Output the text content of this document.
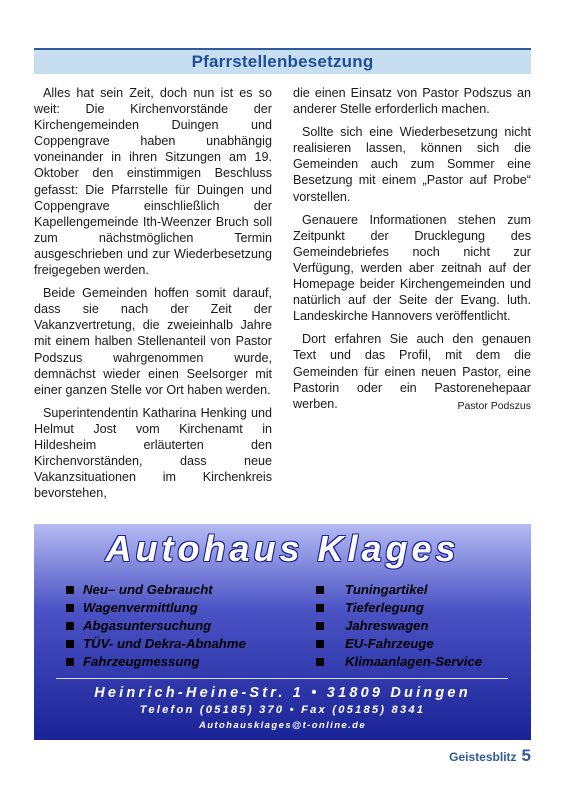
Pfarrstellenbesetzung

Alles hat sein Zeit, doch nun ist es so weit: Die Kirchenvorstände der Kirchengemeinden Duingen und Coppengrave haben unabhängig voneinander in ihren Sitzungen am 19. Oktober den einstimmigen Beschluss gefasst: Die Pfarrstelle für Duingen und Coppengrave einschließlich der Kapellengemeinde Ith-Weenzer Bruch soll zum nächstmöglichen Termin ausgeschrieben und zur Wiederbesetzung freigegeben werden.

Beide Gemeinden hoffen somit darauf, dass sie nach der Zeit der Vakanzvertretung, die zweieinhalb Jahre mit einem halben Stellenanteil von Pastor Podszus wahrgenommen wurde, demnächst wieder einen Seelsorger mit einer ganzen Stelle vor Ort haben werden.

Superintendentin Katharina Henking und Helmut Jost vom Kirchenamt in Hildesheim erläuterten den Kirchenvorständen, dass neue Vakanzsituationen im Kirchenkreis bevorstehen,

die einen Einsatz von Pastor Podszus an anderer Stelle erforderlich machen.

Sollte sich eine Wiederbesetzung nicht realisieren lassen, können sich die Gemeinden auch zum Sommer eine Besetzung mit einem „Pastor auf Probe“ vorstellen.

Genauere Informationen stehen zum Zeitpunkt der Drucklegung des Gemeindebriefes noch nicht zur Verfügung, werden aber zeitnah auf der Homepage beider Kirchengemeinden und natürlich auf der Seite der Evang. luth. Landeskirche Hannovers veröffentlicht.

Dort erfahren Sie auch den genauen Text und das Profil, mit dem die Gemeinden für einen neuen Pastor, eine Pastorin oder ein Pastorenehepaar werben.	Pastor Podszus

Autohaus Klages
Neu– und Gebraucht
Wagenvermittlung
Abgasuntersuchung
TÜV- und Dekra-Abnahme
Fahrzeugmessung
Tuningartikel
Tieferlegung
Jahreswagen
EU-Fahrzeuge
Klimaanlagen-Service
Heinrich-Heine-Str. 1 • 31809 Duingen
Telefon (05185) 370 • Fax (05185) 8341
Autohausklages@t-online.de
Geistesblitz 5
